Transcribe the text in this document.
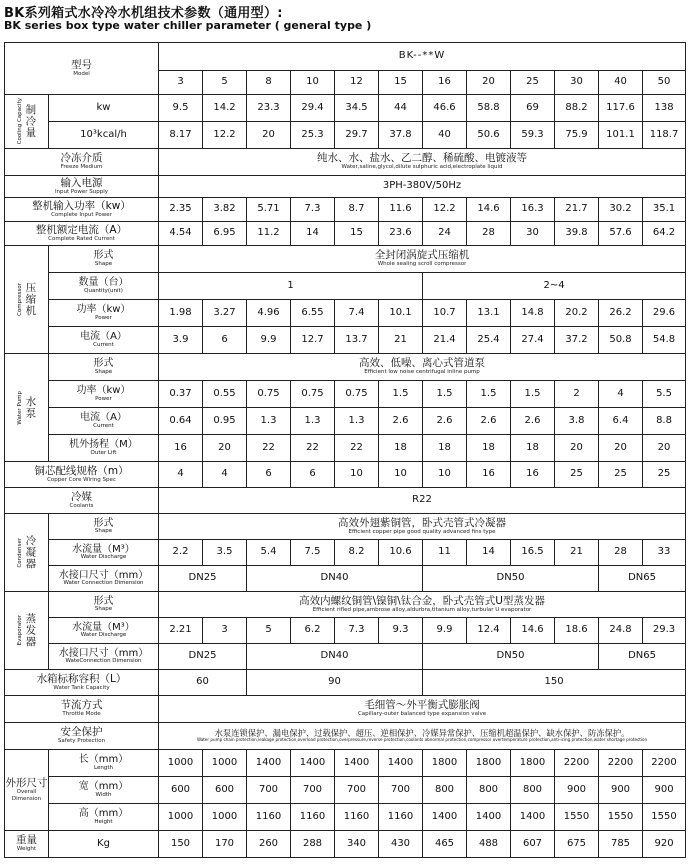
BK系列箱式水冷冷水机组技术参数（通用型）:
BK series box type water chiller parameter ( general type )
型号
Model		BK--**W												
		3	5	8	10	12	15	16	20	25	30	40	50	

Cooling Capacity 制冷量	kw	9.5	14.2	23.3	29.4	34.5	44	46.6	58.8	69	88.2	117.6	138	
	10³kcal/h	8.17	12.2	20	25.3	29.7	37.8	40	50.6	59.3	75.9	101.1	118.7	

冷冻介质
Freeze Medium		纯水、水、盐水、乙二醇、稀硫酸、电镀液等
Water,saline,glycol,dilute sulphuric acid,electroplate liquid												

输入电源
Input Power Supply		3PH-380V/50Hz												

整机输入功率（kw）
Complete Input Power		2.35	3.82	5.71	7.3	8.7	11.6	12.2	14.6	16.3	21.7	30.2	35.1	

整机额定电流（A）
Complete Rated Current		4.54	6.95	11.2	14	15	23.6	24	28	30	39.8	57.6	64.2	

Compressor 压缩机	形式
Shape	全封闭涡旋式压缩机
Whole sealing scroll compressor												

	数量（台）
Quantity(unit)	1						2~4						

	功率（kw）
Power	1.98	3.27	4.96	6.55	7.4	10.1	10.7	13.1	14.8	20.2	26.2	29.6	

	电流（A）
Current	3.9	6	9.9	12.7	13.7	21	21.4	25.4	27.4	37.2	50.8	54.8	

Water Pump 水泵	形式
Shape	高效、低噪、离心式管道泵
Efficient low noise centrifugal inline pump												

	功率（kw）
Power	0.37	0.55	0.75	0.75	0.75	1.5	1.5	1.5	1.5	2	4	5.5	

	电流（A）
Current	0.64	0.95	1.3	1.3	1.3	2.6	2.6	2.6	2.6	3.8	6.4	8.8	

	机外扬程（M）
Outer Lift	16	20	22	22	22	18	18	18	18	20	20	20	

铜芯配线规格（m）
Copper Core Wiring Spec		4	4	6	6	10	10	10	16	16	25	25	25	

冷媒
Coolants		R22												

Condenser 冷凝器	形式
Shape	高效外翅紫铜管，卧式壳管式冷凝器
Efficient copper pipe good quality advanced fins type												

	水流量（M³）
Water Discharge	2.2	3.5	5.4	7.5	8.2	10.6	11	14	16.5	21	28	33	

	水接口尺寸（mm）
Water Connection Dimension	DN25		DN40				DN50				DN65	

Evaporator 蒸发器	形式
Shape	高效内螺纹铜管\镍铜\钛合金，卧式壳管式U型蒸发器
Efficient rifled pipe,ambrose alloy,aldurbra,titanium alloy,turbular U evaporator												

	水流量（M³）
Water Discharge	2.21	3	5	6.2	7.3	9.3	9.9	12.4	14.6	18.6	24.8	29.3	

	水接口尺寸（mm）
WateConnection Dimension	DN25		DN40				DN50				DN65		

水箱标称容积（L）
Water Tank Capacity		60		90				150						

节流方式
Throttle Mode		毛细管～外平衡式膨胀阀
Capillary-outer balanced type expansion valve												

安全保护
Safety Protection		水泵连锁保护、漏电保护、过载保护、超压、逆相保护、冷媒异常保护、压缩机超温保护、缺水保护、防冻保护。
Water pump chain protection,leakage protection,overload protection,overpressure,reverse protection,coolants abnormal protection,compressor overtemperature protection,anti-icing protection,water shortage protection												

外形尺寸
Overall Dimension	长（mm）
Length	1000	1000	1400	1400	1400	1400	1800	1800	1800	2200	2200	2200	

	宽（mm）
Width	600	600	700	700	700	700	800	800	800	900	900	900	

	高（mm）
Height	1000	1000	1160	1160	1160	1160	1400	1400	1400	1550	1550	1550	

重量
Weight	Kg	150	170	260	288	340	430	465	488	607	675	785	920	
